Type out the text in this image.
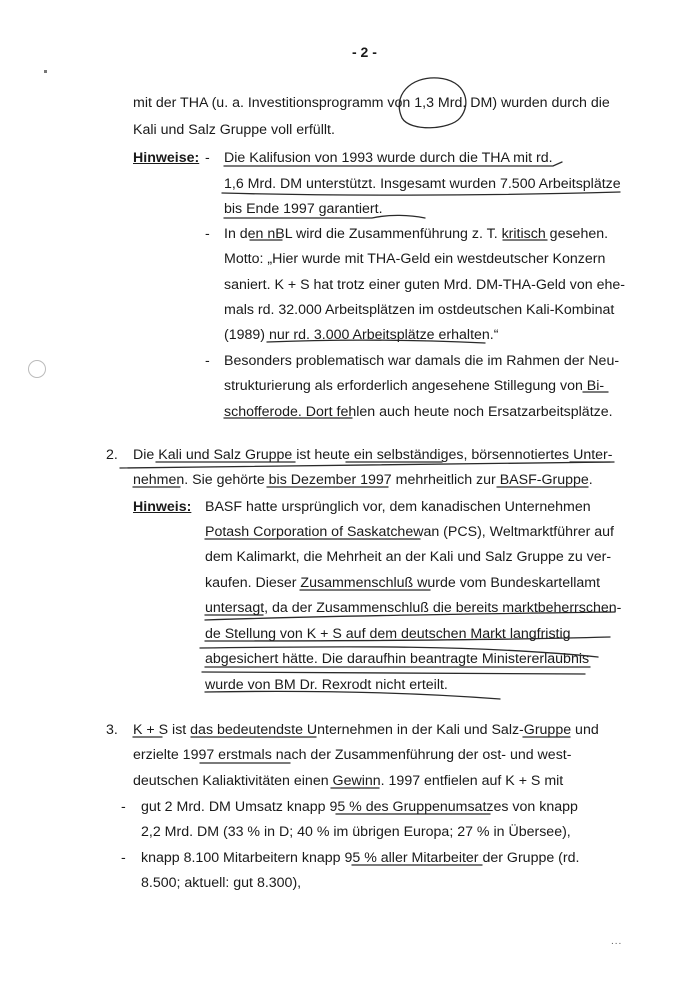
- 2 -
mit der THA (u. a. Investitionsprogramm von 1,3 Mrd. DM) wurden durch die
Kali und Salz Gruppe voll erfüllt.
Hinweise: - Die Kalifusion von 1993 wurde durch die THA mit rd.
1,6 Mrd. DM unterstützt. Insgesamt wurden 7.500 Arbeitsplätze
bis Ende 1997 garantiert.
- In den nBL wird die Zusammenführung z. T. kritisch gesehen.
Motto: „Hier wurde mit THA-Geld ein westdeutscher Konzern
saniert. K + S hat trotz einer guten Mrd. DM-THA-Geld von ehe-
mals rd. 32.000 Arbeitsplätzen im ostdeutschen Kali-Kombinat
(1989) nur rd. 3.000 Arbeitsplätze erhalten.“
- Besonders problematisch war damals die im Rahmen der Neu-
strukturierung als erforderlich angesehene Stillegung von Bi-
schofferode. Dort fehlen auch heute noch Ersatzarbeitsplätze.
2. Die Kali und Salz Gruppe ist heute ein selbständiges, börsennotiertes Unter-
nehmen. Sie gehörte bis Dezember 1997 mehrheitlich zur BASF-Gruppe.
Hinweis: BASF hatte ursprünglich vor, dem kanadischen Unternehmen
Potash Corporation of Saskatchewan (PCS), Weltmarktführer auf
dem Kalimarkt, die Mehrheit an der Kali und Salz Gruppe zu ver-
kaufen. Dieser Zusammenschluß wurde vom Bundeskartellamt
untersagt, da der Zusammenschluß die bereits marktbeherrschen-
de Stellung von K + S auf dem deutschen Markt langfristig
abgesichert hätte. Die daraufhin beantragte Ministererlaubnis
wurde von BM Dr. Rexrodt nicht erteilt.
3. K + S ist das bedeutendste Unternehmen in der Kali und Salz-Gruppe und
erzielte 1997 erstmals nach der Zusammenführung der ost- und west-
deutschen Kaliaktivitäten einen Gewinn. 1997 entfielen auf K + S mit
- gut 2 Mrd. DM Umsatz knapp 95 % des Gruppenumsatzes von knapp
2,2 Mrd. DM (33 % in D; 40 % im übrigen Europa; 27 % in Übersee),
- knapp 8.100 Mitarbeitern knapp 95 % aller Mitarbeiter der Gruppe (rd.
8.500; aktuell: gut 8.300),
...
